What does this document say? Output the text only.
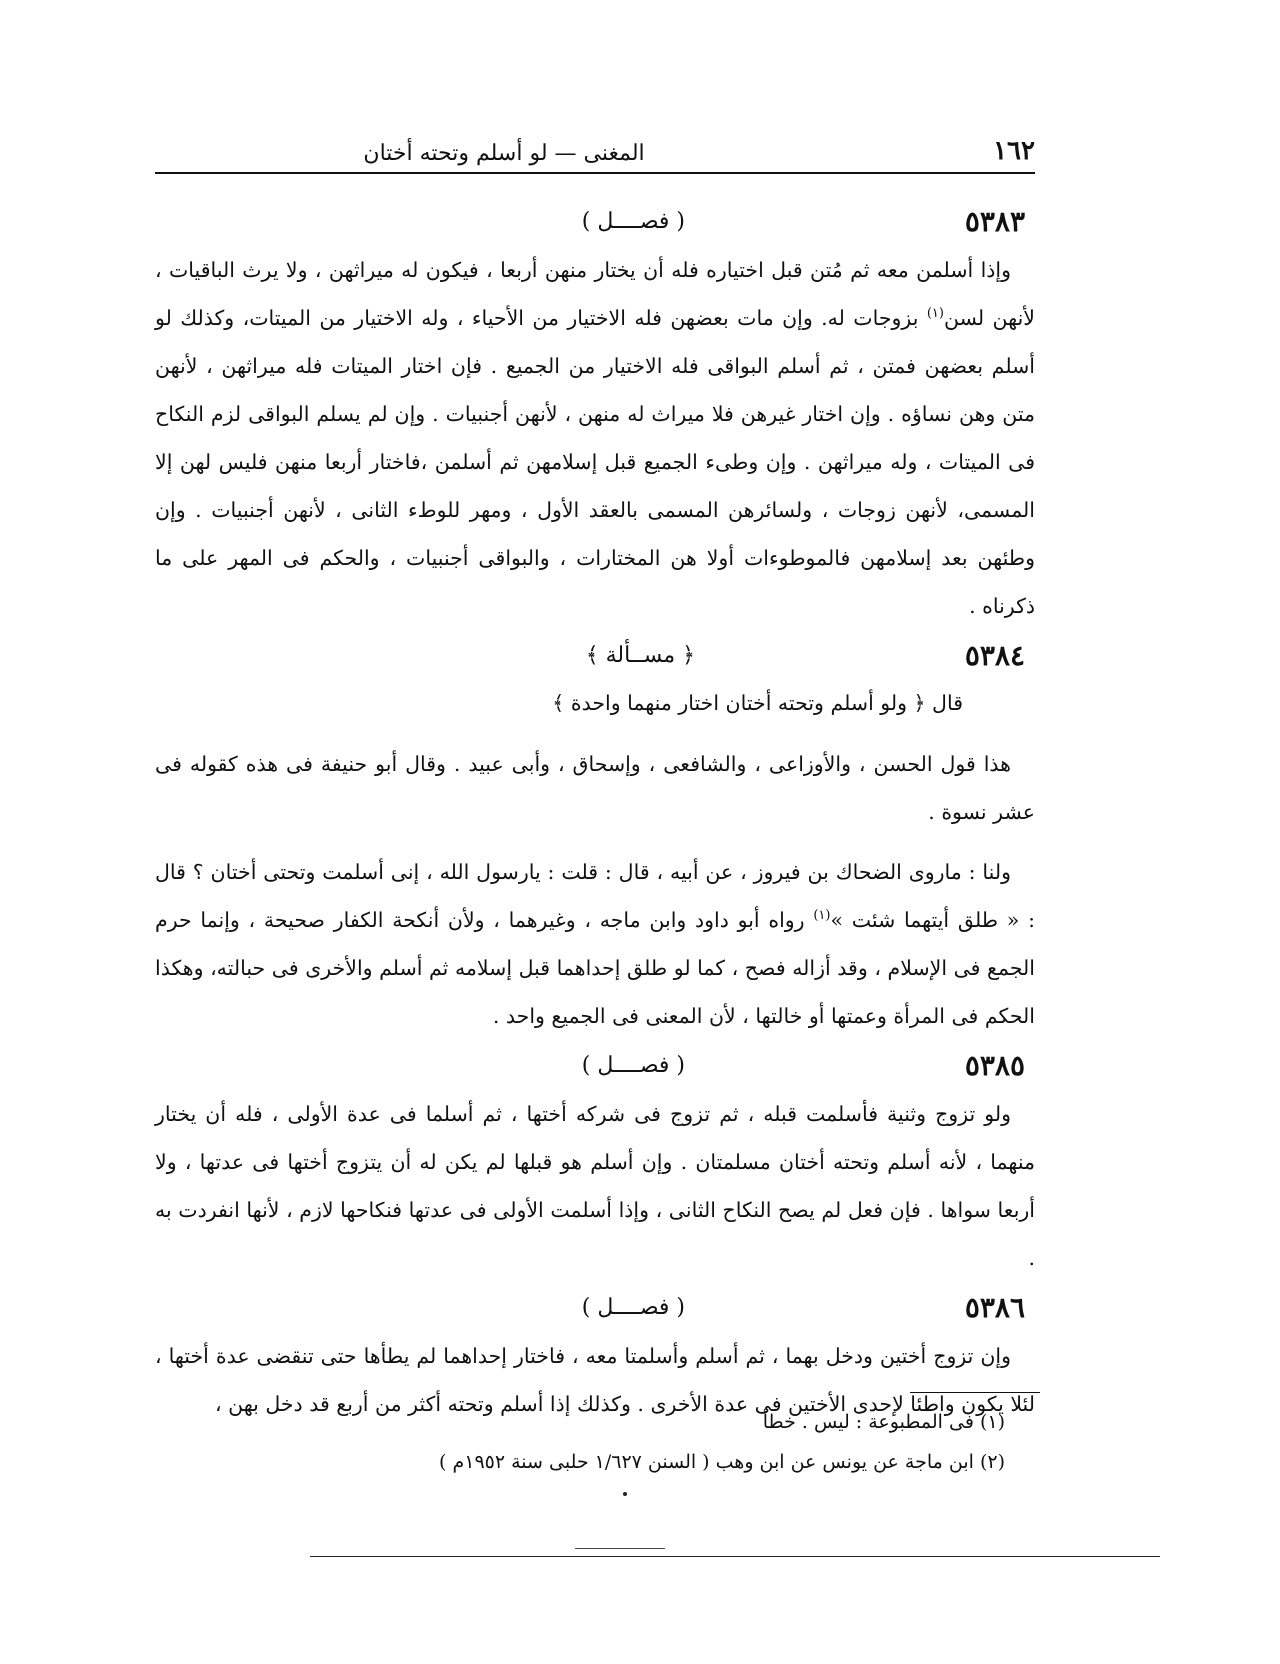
١٦٢
المغنى — لو أسلم وتحته أختان
٥٣٨٣
( فصــــل )

وإذا أسلمن معه ثم مُتن قبل اختياره فله أن يختار منهن أربعا ، فيكون له ميراثهن ، ولا يرث الباقيات ، لأنهن لسن$^{(١)}$ بزوجات له. وإن مات بعضهن فله الاختيار من الأحياء ، وله الاختيار من الميتات، وكذلك لو أسلم بعضهن فمتن ، ثم أسلم البواقى فله الاختيار من الجميع . فإن اختار الميتات فله ميراثهن ، لأنهن متن وهن نساؤه . وإن اختار غيرهن فلا ميراث له منهن ، لأنهن أجنبيات . وإن لم يسلم البواقى لزم النكاح فى الميتات ، وله ميراثهن . وإن وطىء الجميع قبل إسلامهن ثم أسلمن ،فاختار أربعا منهن فليس لهن إلا المسمى، لأنهن زوجات ، ولسائرهن المسمى بالعقد الأول ، ومهر للوطء الثانى ، لأنهن أجنبيات . وإن وطئهن بعد إسلامهن فالموطوءات أولا هن المختارات ، والبواقى أجنبيات ، والحكم فى المهر على ما ذكرناه .

٥٣٨٤
﴿ مســألة ﴾

قال ﴿ ولو أسلم وتحته أختان اختار منهما واحدة ﴾

هذا قول الحسن ، والأوزاعى ، والشافعى ، وإسحاق ، وأبى عبيد . وقال أبو حنيفة فى هذه كقوله فى عشر نسوة .

ولنا : ماروى الضحاك بن فيروز ، عن أبيه ، قال : قلت : يارسول الله ، إنى أسلمت وتحتى أختان ؟ قال : « طلق أيتهما شئت »$^{(١)}$ رواه أبو داود وابن ماجه ، وغيرهما ، ولأن أنكحة الكفار صحيحة ، وإنما حرم الجمع فى الإسلام ، وقد أزاله فصح ، كما لو طلق إحداهما قبل إسلامه ثم أسلم والأخرى فى حبالته، وهكذا الحكم فى المرأة وعمتها أو خالتها ، لأن المعنى فى الجميع واحد .

٥٣٨٥
( فصــــل )

ولو تزوج وثنية فأسلمت قبله ، ثم تزوج فى شركه أختها ، ثم أسلما فى عدة الأولى ، فله أن يختار منهما ، لأنه أسلم وتحته أختان مسلمتان . وإن أسلم هو قبلها لم يكن له أن يتزوج أختها فى عدتها ، ولا أربعا سواها . فإن فعل لم يصح النكاح الثانى ، وإذا أسلمت الأولى فى عدتها فنكاحها لازم ، لأنها انفردت به .

٥٣٨٦
( فصــــل )

وإن تزوج أختين ودخل بهما ، ثم أسلم وأسلمتا معه ، فاختار إحداهما لم يطأها حتى تنقضى عدة أختها ، لئلا يكون واطئا لإحدى الأختين فى عدة الأخرى . وكذلك إذا أسلم وتحته أكثر من أربع قد دخل بهن ،

(١) فى المطبوعة : ليس . خطأ
(٢) ابن ماجة عن يونس عن ابن وهب ( السنن ١/٦٢٧ حلبى سنة ١٩٥٢م )
